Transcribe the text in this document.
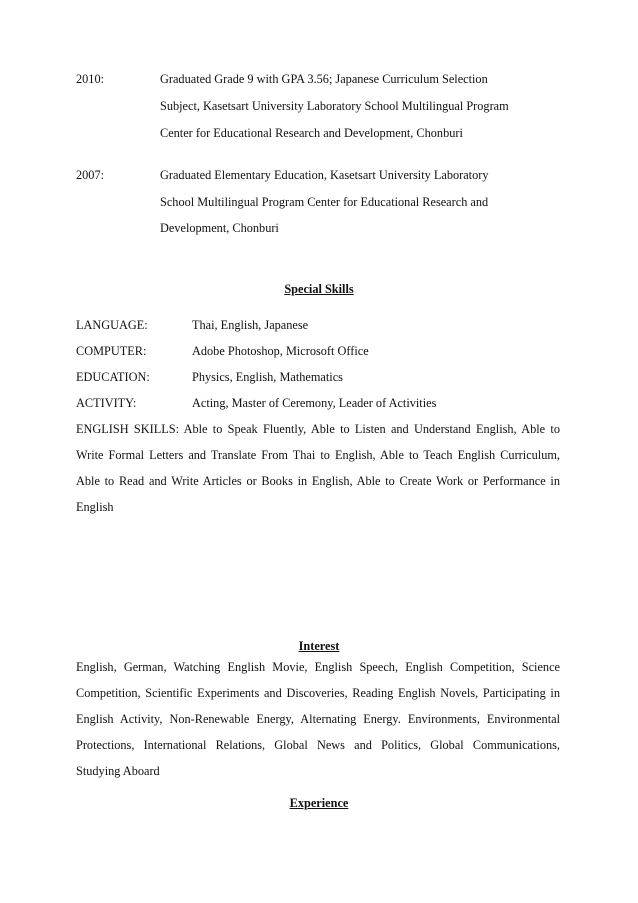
2010:	Graduated Grade 9 with GPA 3.56; Japanese Curriculum Selection
Subject, Kasetsart University Laboratory School Multilingual Program
Center for Educational Research and Development, Chonburi
2007:	Graduated Elementary Education, Kasetsart University Laboratory
School Multilingual Program Center for Educational Research and
Development, Chonburi
Special Skills
LANGUAGE:	Thai, English, Japanese
COMPUTER:	Adobe Photoshop, Microsoft Office
EDUCATION:	Physics, English, Mathematics
ACTIVITY:	Acting, Master of Ceremony, Leader of Activities
ENGLISH SKILLS: Able to Speak Fluently, Able to Listen and Understand English, Able to
Write Formal Letters and Translate From Thai to English, Able to Teach English Curriculum,
Able to Read and Write Articles or Books in English, Able to Create Work or Performance in
English
Interest
English, German, Watching English Movie, English Speech, English Competition, Science
Competition, Scientific Experiments and Discoveries, Reading English Novels, Participating in
English Activity, Non-Renewable Energy, Alternating Energy. Environments, Environmental
Protections, International Relations, Global News and Politics, Global Communications,
Studying Aboard
Experience
